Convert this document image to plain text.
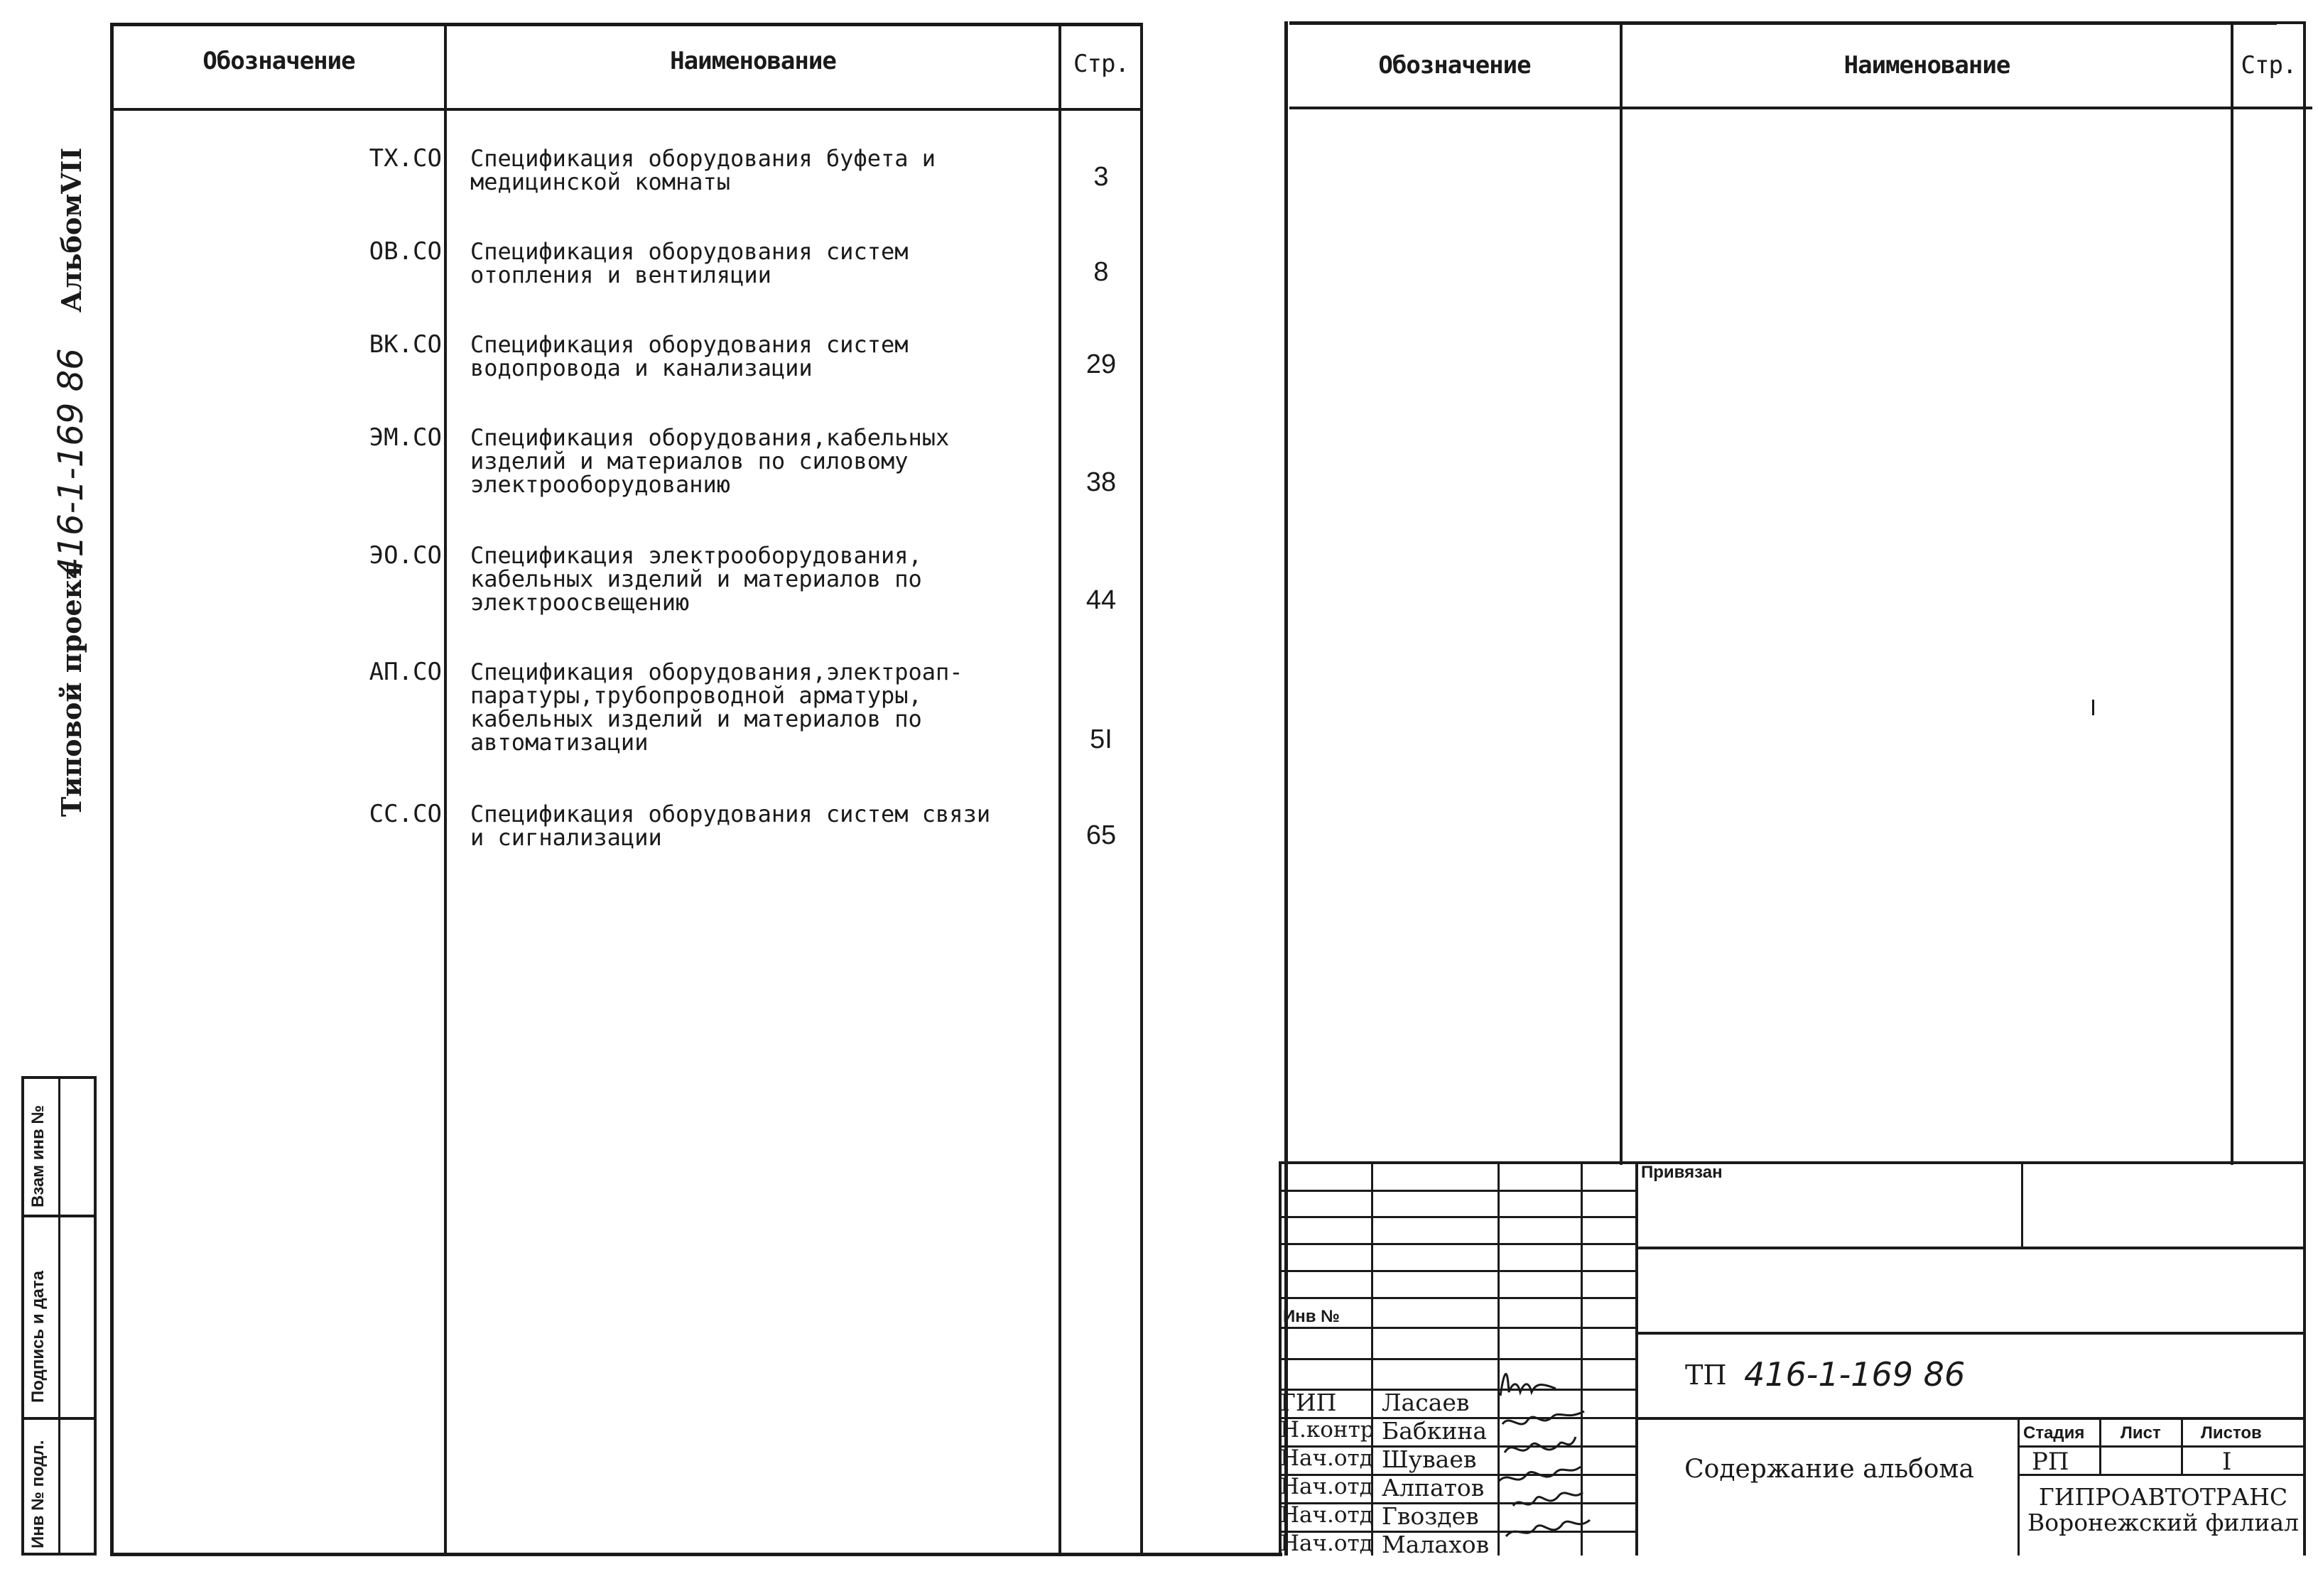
Типовой проект
416-1-169 86
АльбомVII
Инв № подл.
Подпись и дата
Взам инв №
Обозначение	Наименование	Стр.
ТХ.СО Спецификация оборудования буфета и
медицинской комнаты	3
ОВ.СО Спецификация оборудования систем
отопления и вентиляции	8
ВК.СО Спецификация оборудования систем
водопровода и канализации	29
ЭМ.СО Спецификация оборудования,кабельных
изделий и материалов по силовому
электрооборудованию	38
ЭО.СО Спецификация электрооборудования,
кабельных изделий и материалов по
электроосвещению	44
АП.СО Спецификация оборудования,электроап-
паратуры,трубопроводной арматуры,
кабельных изделий и материалов по
автоматизации	5I
СС.СО Спецификация оборудования систем связи
и сигнализации	65
Обозначение	Наименование	Стр.
Привязан
Инв №
ТП 416-1-169 86
Содержание альбома
Стадия Лист Листов
РП	I
ГИПРОАВТОТРАНС
Воронежский филиал
ГИП Ласаев
Н.контр Бабкина
Нач.отд Шуваев
Нач.отд Алпатов
Нач.отд Гвоздев
Нач.отд Малахов
